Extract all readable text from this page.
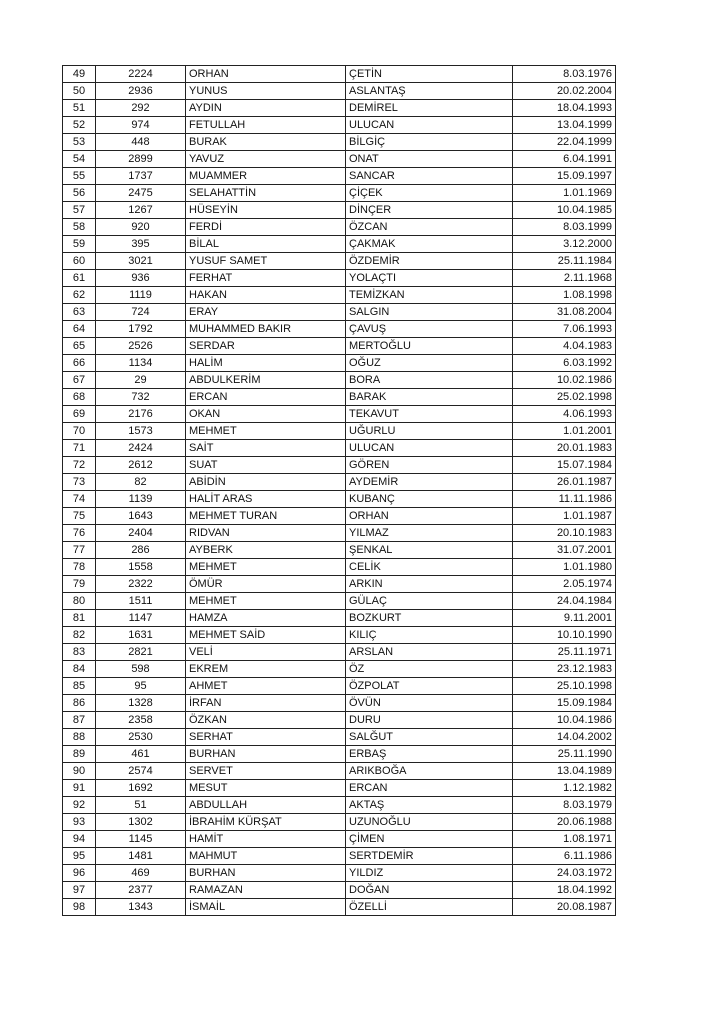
49	2224	ORHAN	ÇETİN	8.03.1976
50	2936	YUNUS	ASLANTAŞ	20.02.2004
51	292	AYDIN	DEMİREL	18.04.1993
52	974	FETULLAH	ULUCAN	13.04.1999
53	448	BURAK	BİLGİÇ	22.04.1999
54	2899	YAVUZ	ONAT	6.04.1991
55	1737	MUAMMER	SANCAR	15.09.1997
56	2475	SELAHATTİN	ÇİÇEK	1.01.1969
57	1267	HÜSEYİN	DİNÇER	10.04.1985
58	920	FERDİ	ÖZCAN	8.03.1999
59	395	BİLAL	ÇAKMAK	3.12.2000
60	3021	YUSUF SAMET	ÖZDEMİR	25.11.1984
61	936	FERHAT	YOLAÇTI	2.11.1968
62	1119	HAKAN	TEMİZKAN	1.08.1998
63	724	ERAY	SALGIN	31.08.2004
64	1792	MUHAMMED BAKIR	ÇAVUŞ	7.06.1993
65	2526	SERDAR	MERTOĞLU	4.04.1983
66	1134	HALİM	OĞUZ	6.03.1992
67	29	ABDULKERİM	BORA	10.02.1986
68	732	ERCAN	BARAK	25.02.1998
69	2176	OKAN	TEKAVUT	4.06.1993
70	1573	MEHMET	UĞURLU	1.01.2001
71	2424	SAİT	ULUCAN	20.01.1983
72	2612	SUAT	GÖREN	15.07.1984
73	82	ABİDİN	AYDEMİR	26.01.1987
74	1139	HALİT ARAS	KUBANÇ	11.11.1986
75	1643	MEHMET TURAN	ORHAN	1.01.1987
76	2404	RIDVAN	YILMAZ	20.10.1983
77	286	AYBERK	ŞENKAL	31.07.2001
78	1558	MEHMET	CELİK	1.01.1980
79	2322	ÖMÜR	ARKIN	2.05.1974
80	1511	MEHMET	GÜLAÇ	24.04.1984
81	1147	HAMZA	BOZKURT	9.11.2001
82	1631	MEHMET SAİD	KILIÇ	10.10.1990
83	2821	VELİ	ARSLAN	25.11.1971
84	598	EKREM	ÖZ	23.12.1983
85	95	AHMET	ÖZPOLAT	25.10.1998
86	1328	İRFAN	ÖVÜN	15.09.1984
87	2358	ÖZKAN	DURU	10.04.1986
88	2530	SERHAT	SALĞUT	14.04.2002
89	461	BURHAN	ERBAŞ	25.11.1990
90	2574	SERVET	ARIKBOĞA	13.04.1989
91	1692	MESUT	ERCAN	1.12.1982
92	51	ABDULLAH	AKTAŞ	8.03.1979
93	1302	İBRAHİM KÜRŞAT	UZUNOĞLU	20.06.1988
94	1145	HAMİT	ÇİMEN	1.08.1971
95	1481	MAHMUT	SERTDEMİR	6.11.1986
96	469	BURHAN	YILDIZ	24.03.1972
97	2377	RAMAZAN	DOĞAN	18.04.1992
98	1343	İSMAİL	ÖZELLİ	20.08.1987
